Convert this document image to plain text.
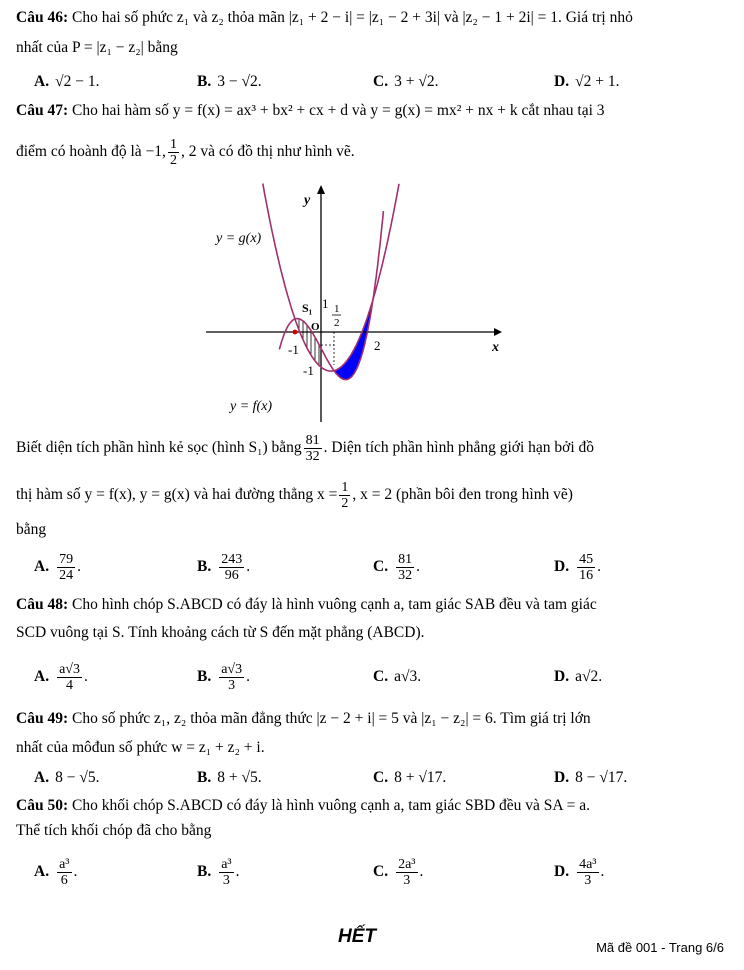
Câu 46: Cho hai số phức z₁ và z₂ thỏa mãn |z₁ + 2 − i| = |z₁ − 2 + 3i| và |z₂ − 1 + 2i| = 1. Giá trị nhỏ
nhất của P = |z₁ − z₂| bằng
A. √2 − 1.	B. 3 − √2.	C. 3 + √2.	D. √2 + 1.
Câu 47: Cho hai hàm số y = f(x) = ax³ + bx² + cx + d và y = g(x) = mx² + nx + k cắt nhau tại 3
điểm có hoành độ là −1, $\frac{1}{2}$ , 2 và có đồ thị như hình vẽ.
y
x
y = g(x)
y = f(x)
O
S₁
-1	2
1
-1
1
2
Biết diện tích phần hình kẻ sọc (hình S₁) bằng $\frac{81}{32}$ . Diện tích phần hình phẳng giới hạn bởi đồ
thị hàm số y = f(x), y = g(x) và hai đường thẳng $x = \frac{1}{2}$ , x = 2 (phần bôi đen trong hình vẽ)
bằng
A. $\frac{79}{24}$ .	B. $\frac{243}{96}$ .	C. $\frac{81}{32}$ .	D. $\frac{45}{16}$ .
Câu 48: Cho hình chóp S.ABCD có đáy là hình vuông cạnh a, tam giác SAB đều và tam giác
SCD vuông tại S. Tính khoảng cách từ S đến mặt phẳng (ABCD).
A. $\frac{a√3}{4}$ .	B. $\frac{a√3}{3}$ .	C. a√3.	D. a√2.
Câu 49: Cho số phức z₁, z₂ thỏa mãn đẳng thức |z − 2 + i| = 5 và |z₁ − z₂| = 6. Tìm giá trị lớn
nhất của môđun số phức w = z₁ + z₂ + i.
A. 8 − √5.	B. 8 + √5.	C. 8 + √17.	D. 8 − √17.
Câu 50: Cho khối chóp S.ABCD có đáy là hình vuông cạnh a, tam giác SBD đều và SA = a.
Thể tích khối chóp đã cho bằng
A. $\frac{\text{a³}}{6}$ .	B. $\frac{\text{a³}}{3}$ .	C. $\frac{\text{2a³}}{3}$ .	D. $\frac{\text{4a³}}{3}$ .
HẾT
Mã đề 001 - Trang 6/6
